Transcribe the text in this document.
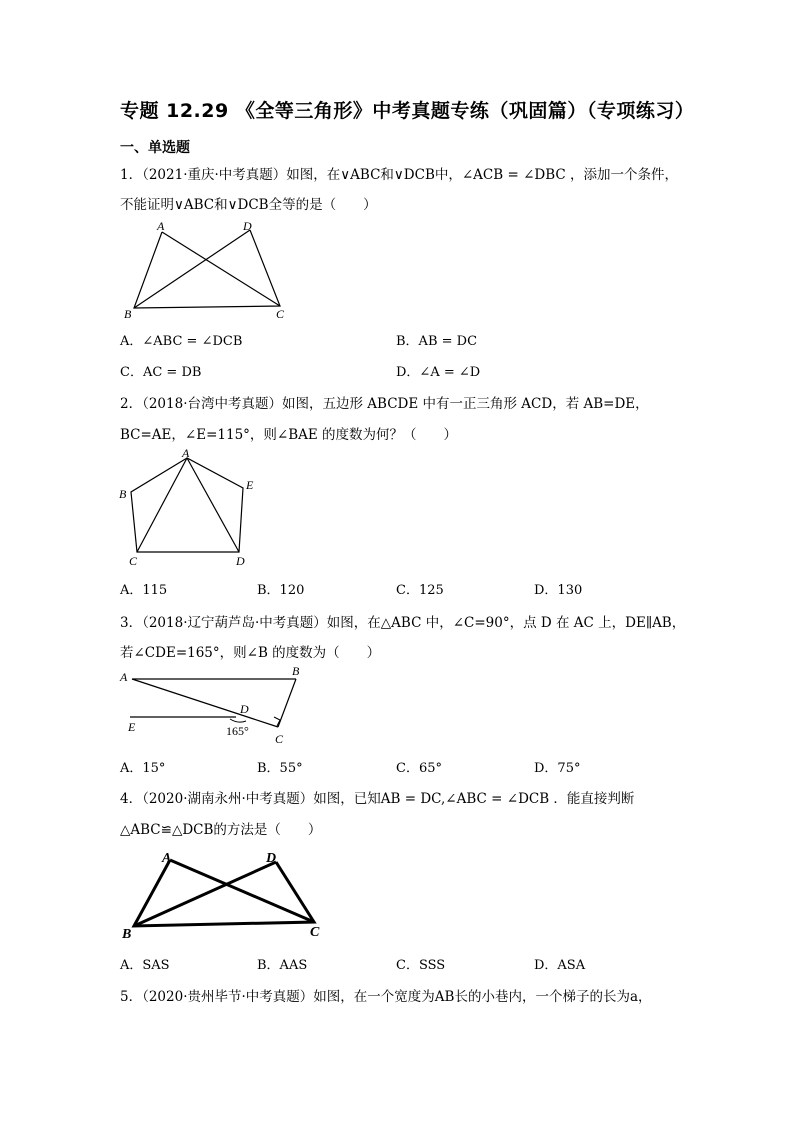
专题 12.29 《全等三角形》中考真题专练（巩固篇）（专项练习）
一、单选题
1．（2021·重庆·中考真题）如图，在∨ABC和∨DCB中，∠ACB = ∠DBC ，添加一个条件，
不能证明∨ABC和∨DCB全等的是（　　）
A	D
B	C
A．∠ABC = ∠DCB	B．AB = DC
C．AC = DB	D．∠A = ∠D
2．（2018·台湾中考真题）如图，五边形 ABCDE 中有一正三角形 ACD，若 AB=DE，
BC=AE，∠E=115°，则∠BAE 的度数为何？（　　）
A
B
C	D
E
A．115	B．120	C．125	D．130
3．（2018·辽宁葫芦岛·中考真题）如图，在△ABC 中，∠C=90°，点 D 在 AC 上，DE∥AB，
若∠CDE=165°，则∠B 的度数为（　　）
A	B
E
D
C
165°
A．15°	B．55°	C．65°	D．75°
4．（2020·湖南永州·中考真题）如图，已知AB = DC,∠ABC = ∠DCB ．能直接判断
△ABC≌△DCB的方法是（　　）
A	D
B	C
A．SAS	B．AAS	C．SSS	D．ASA
5．（2020·贵州毕节·中考真题）如图，在一个宽度为AB长的小巷内，一个梯子的长为a，
